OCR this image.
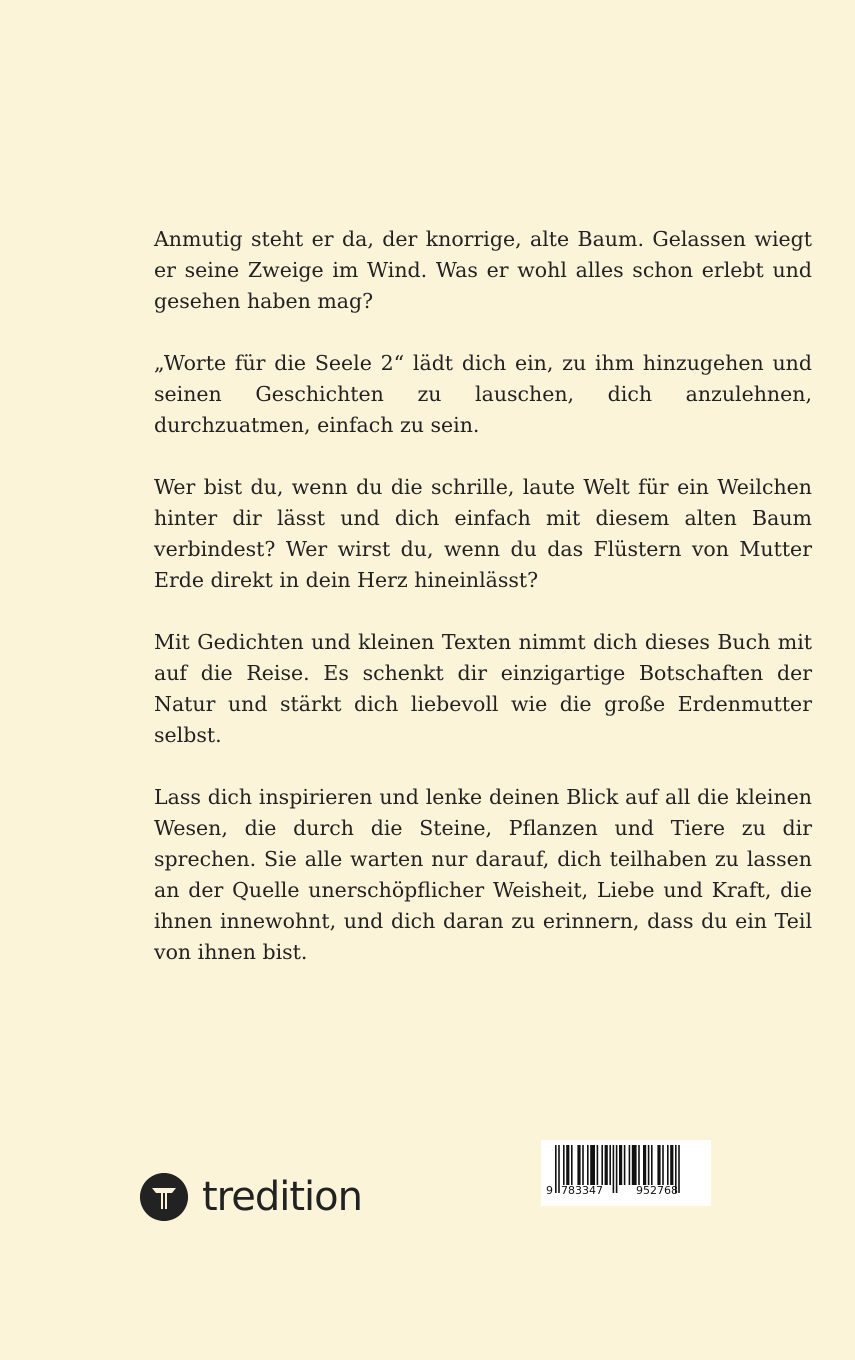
Anmutig steht er da, der knorrige, alte Baum. Gelassen wiegt er seine Zweige im Wind. Was er wohl alles schon erlebt und gesehen haben mag?

„Worte für die Seele 2“ lädt dich ein, zu ihm hinzugehen und seinen Geschichten zu lauschen, dich anzulehnen, durchzuatmen, einfach zu sein.

Wer bist du, wenn du die schrille, laute Welt für ein Weilchen hinter dir lässt und dich einfach mit diesem alten Baum verbindest? Wer wirst du, wenn du das Flüstern von Mutter Erde direkt in dein Herz hineinlässt?

Mit Gedichten und kleinen Texten nimmt dich dieses Buch mit auf die Reise. Es schenkt dir einzigartige Botschaften der Natur und stärkt dich liebevoll wie die große Erdenmutter selbst.

Lass dich inspirieren und lenke deinen Blick auf all die kleinen Wesen, die durch die Steine, Pflanzen und Tiere zu dir sprechen. Sie alle warten nur darauf, dich teilhaben zu lassen an der Quelle unerschöpflicher Weisheit, Liebe und Kraft, die ihnen innewohnt, und dich daran zu erinnern, dass du ein Teil von ihnen bist.

tredition	9 783347	952768
